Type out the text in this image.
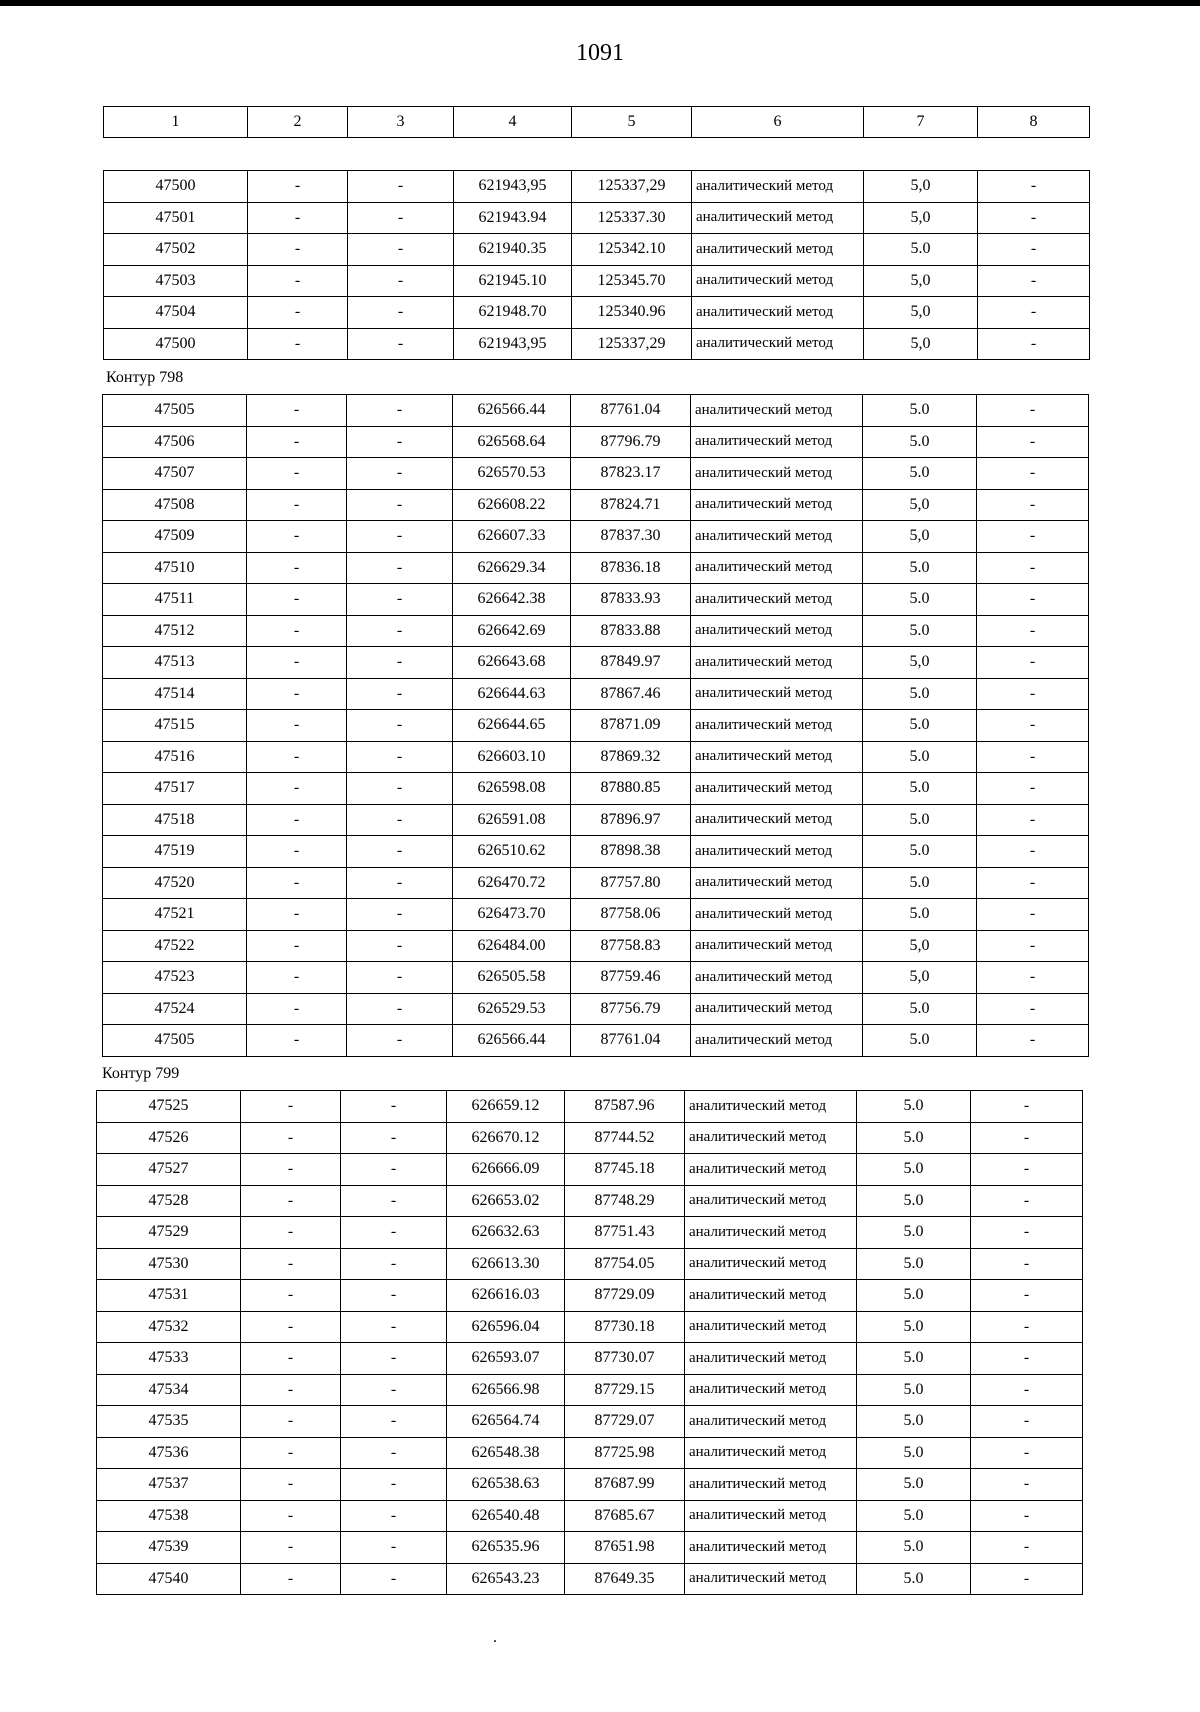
1091
1	2	3	4	5	6	7	8
47500	-	-	621943,95	125337,29	аналитический метод	5,0	-
47501	-	-	621943.94	125337.30	аналитический метод	5,0	-
47502	-	-	621940.35	125342.10	аналитический метод	5.0	-
47503	-	-	621945.10	125345.70	аналитический метод	5,0	-
47504	-	-	621948.70	125340.96	аналитический метод	5,0	-
47500	-	-	621943,95	125337,29	аналитический метод	5,0	-
Контур 798
47505	-	-	626566.44	87761.04	аналитический метод	5.0	-
47506	-	-	626568.64	87796.79	аналитический метод	5.0	-
47507	-	-	626570.53	87823.17	аналитический метод	5.0	-
47508	-	-	626608.22	87824.71	аналитический метод	5,0	-
47509	-	-	626607.33	87837.30	аналитический метод	5,0	-
47510	-	-	626629.34	87836.18	аналитический метод	5.0	-
47511	-	-	626642.38	87833.93	аналитический метод	5.0	-
47512	-	-	626642.69	87833.88	аналитический метод	5.0	-
47513	-	-	626643.68	87849.97	аналитический метод	5,0	-
47514	-	-	626644.63	87867.46	аналитический метод	5.0	-
47515	-	-	626644.65	87871.09	аналитический метод	5.0	-
47516	-	-	626603.10	87869.32	аналитический метод	5.0	-
47517	-	-	626598.08	87880.85	аналитический метод	5.0	-
47518	-	-	626591.08	87896.97	аналитический метод	5.0	-
47519	-	-	626510.62	87898.38	аналитический метод	5.0	-
47520	-	-	626470.72	87757.80	аналитический метод	5.0	-
47521	-	-	626473.70	87758.06	аналитический метод	5.0	-
47522	-	-	626484.00	87758.83	аналитический метод	5,0	-
47523	-	-	626505.58	87759.46	аналитический метод	5,0	-
47524	-	-	626529.53	87756.79	аналитический метод	5.0	-
47505	-	-	626566.44	87761.04	аналитический метод	5.0	-
Контур 799
47525	-	-	626659.12	87587.96	аналитический метод	5.0	-
47526	-	-	626670.12	87744.52	аналитический метод	5.0	-
47527	-	-	626666.09	87745.18	аналитический метод	5.0	-
47528	-	-	626653.02	87748.29	аналитический метод	5.0	-
47529	-	-	626632.63	87751.43	аналитический метод	5.0	-
47530	-	-	626613.30	87754.05	аналитический метод	5.0	-
47531	-	-	626616.03	87729.09	аналитический метод	5.0	-
47532	-	-	626596.04	87730.18	аналитический метод	5.0	-
47533	-	-	626593.07	87730.07	аналитический метод	5.0	-
47534	-	-	626566.98	87729.15	аналитический метод	5.0	-
47535	-	-	626564.74	87729.07	аналитический метод	5.0	-
47536	-	-	626548.38	87725.98	аналитический метод	5.0	-
47537	-	-	626538.63	87687.99	аналитический метод	5.0	-
47538	-	-	626540.48	87685.67	аналитический метод	5.0	-
47539	-	-	626535.96	87651.98	аналитический метод	5.0	-
47540	-	-	626543.23	87649.35	аналитический метод	5.0	-
.
